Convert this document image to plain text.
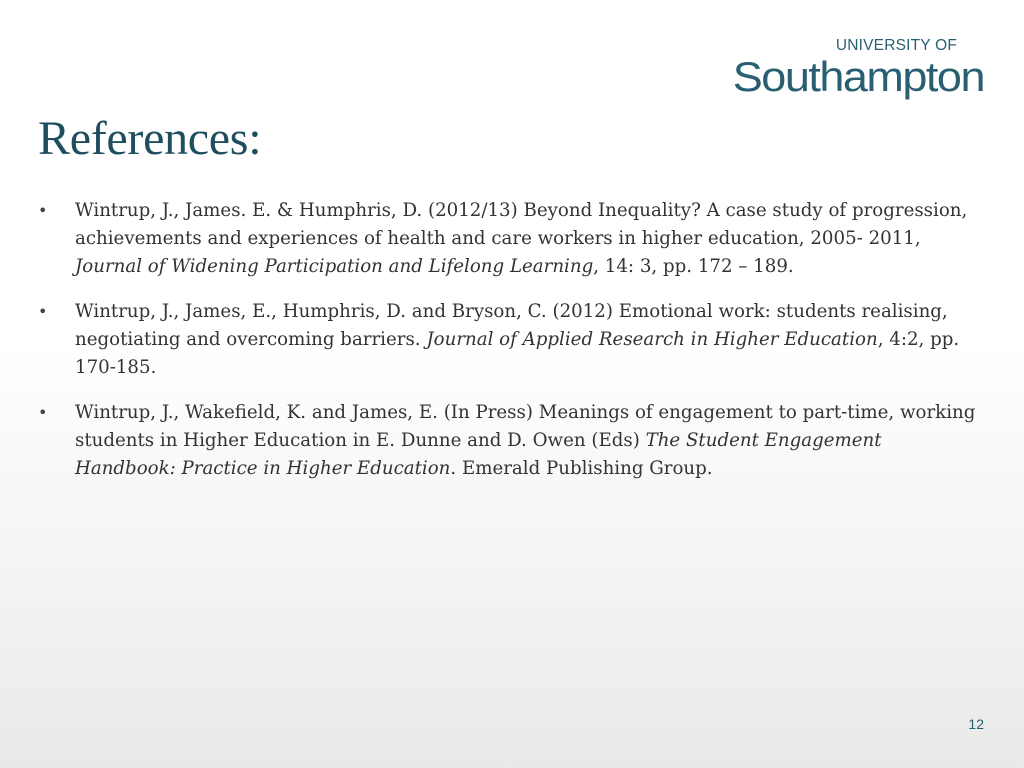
UNIVERSITY OF
Southampton
References:
• Wintrup, J., James. E. & Humphris, D. (2012/13) Beyond Inequality? A case study of progression, achievements and experiences of health and care workers in higher education, 2005- 2011, Journal of Widening Participation and Lifelong Learning, 14: 3, pp. 172 – 189.
• Wintrup, J., James, E., Humphris, D. and Bryson, C. (2012) Emotional work: students realising, negotiating and overcoming barriers. Journal of Applied Research in Higher Education, 4:2, pp. 170-185.
• Wintrup, J., Wakefield, K. and James, E. (In Press) Meanings of engagement to part-time, working students in Higher Education in E. Dunne and D. Owen (Eds) The Student Engagement Handbook: Practice in Higher Education. Emerald Publishing Group.
12
